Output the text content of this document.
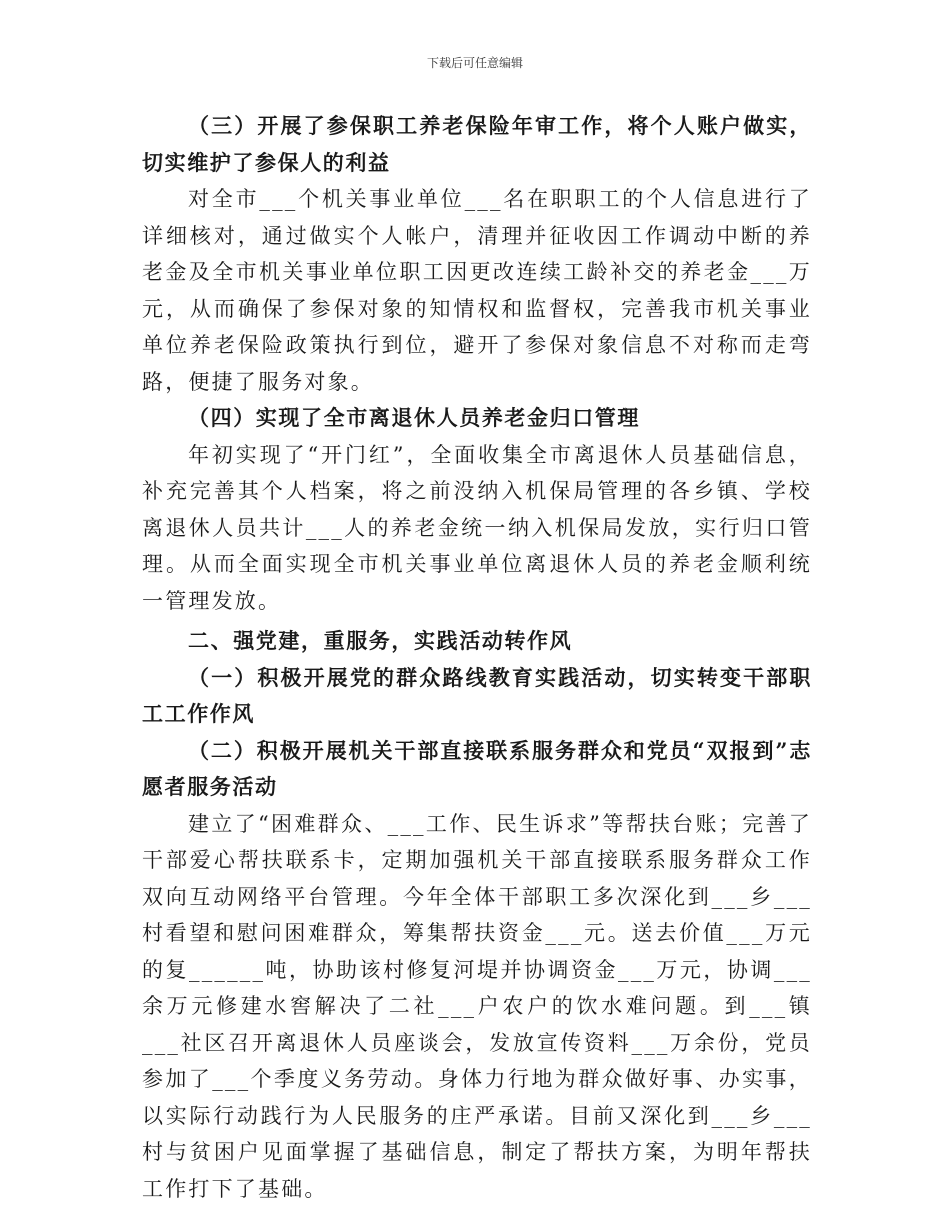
下载后可任意编辑

（三）开展了参保职工养老保险年审工作，将个人账户做实，切实维护了参保人的利益

对全市___个机关事业单位___名在职职工的个人信息进行了详细核对，通过做实个人帐户，清理并征收因工作调动中断的养老金及全市机关事业单位职工因更改连续工龄补交的养老金___万元，从而确保了参保对象的知情权和监督权，完善我市机关事业单位养老保险政策执行到位，避开了参保对象信息不对称而走弯路，便捷了服务对象。

（四）实现了全市离退休人员养老金归口管理

年初实现了“开门红”，全面收集全市离退休人员基础信息，补充完善其个人档案，将之前没纳入机保局管理的各乡镇、学校离退休人员共计___人的养老金统一纳入机保局发放，实行归口管理。从而全面实现全市机关事业单位离退休人员的养老金顺利统一管理发放。

二、强党建，重服务，实践活动转作风

（一）积极开展党的群众路线教育实践活动，切实转变干部职工工作作风

（二）积极开展机关干部直接联系服务群众和党员“双报到”志愿者服务活动

建立了“困难群众、___工作、民生诉求”等帮扶台账；完善了干部爱心帮扶联系卡，定期加强机关干部直接联系服务群众工作双向互动网络平台管理。今年全体干部职工多次深化到___乡___村看望和慰问困难群众，筹集帮扶资金___元。送去价值___万元的复______吨，协助该村修复河堤并协调资金___万元，协调___余万元修建水窖解决了二社___户农户的饮水难问题。到___镇___社区召开离退休人员座谈会，发放宣传资料___万余份，党员参加了___个季度义务劳动。身体力行地为群众做好事、办实事，以实际行动践行为人民服务的庄严承诺。目前又深化到___乡___村与贫困户见面掌握了基础信息，制定了帮扶方案，为明年帮扶工作打下了基础。
